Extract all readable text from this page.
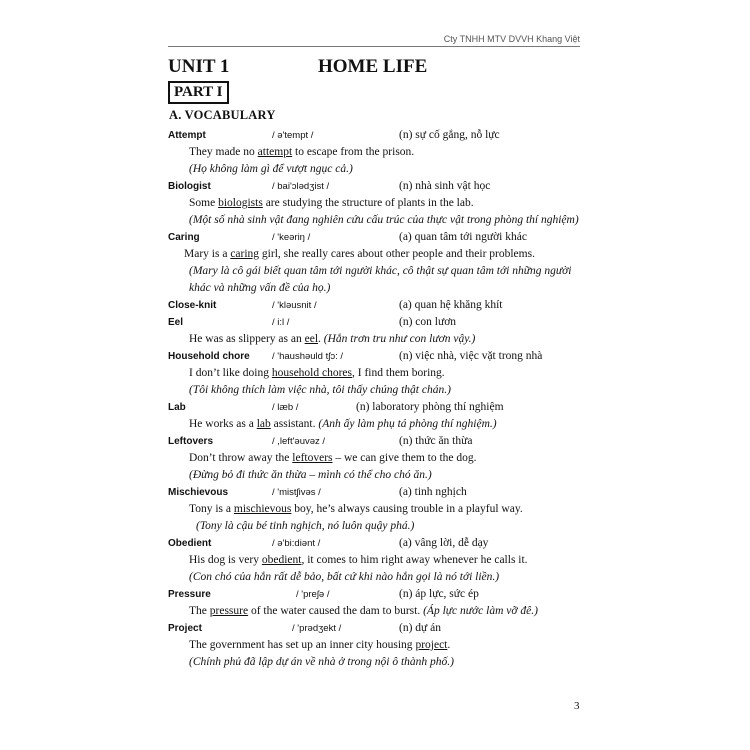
Cty TNHH MTV DVVH Khang Việt
UNIT 1	HOME LIFE
PART I
A. VOCABULARY
Attempt	/ ə'tempt /	(n) sự cố gắng, nỗ lực
They made no attempt to escape from the prison.
(Họ không làm gì để vượt ngục cả.)
Biologist	/ bai'ɔlədʒist /	(n) nhà sinh vật học
Some biologists are studying the structure of plants in the lab.
(Một số nhà sinh vật đang nghiên cứu cấu trúc của thực vật trong phòng thí nghiệm)
Caring	/ 'keəriŋ /	(a) quan tâm tới người khác
Mary is a caring girl, she really cares about other people and their problems.
(Mary là cô gái biết quan tâm tới người khác, cô thật sự quan tâm tới những người khác và những vấn đề của họ.)
Close-knit	/ 'kləusnit /	(a) quan hệ khăng khít
Eel	/ i:l /	(n) con lươn
He was as slippery as an eel. (Hắn trơn tru như con lươn vậy.)
Household chore / 'haushəuld tʃɔ: /	(n) việc nhà, việc vặt trong nhà
I don’t like doing household chores, I find them boring.
(Tôi không thích làm việc nhà, tôi thấy chúng thật chán.)
Lab	/ læb /	(n) laboratory phòng thí nghiệm
He works as a lab assistant. (Anh ấy làm phụ tá phòng thí nghiệm.)
Leftovers	/ ,left'əuvəz /	(n) thức ăn thừa
Don’t throw away the leftovers – we can give them to the dog.
(Đừng bỏ đi thức ăn thừa – mình có thể cho chó ăn.)
Mischievous	/ 'mistʃivəs /	(a) tinh nghịch
Tony is a mischievous boy, he’s always causing trouble in a playful way.
(Tony là cậu bé tinh nghịch, nó luôn quậy phá.)
Obedient	/ ə'bi:diənt /	(a) vâng lời, dễ dạy
His dog is very obedient, it comes to him right away whenever he calls it.
(Con chó của hắn rất dễ bảo, bất cứ khi nào hắn gọi là nó tới liền.)
Pressure	/ 'preʃə /	(n) áp lực, sức ép
The pressure of the water caused the dam to burst. (Áp lực nước làm vỡ đê.)
Project	/ 'prədʒekt /	(n) dự án
The government has set up an inner city housing project.
(Chính phủ đã lập dự án về nhà ở trong nội ô thành phố.)
3
